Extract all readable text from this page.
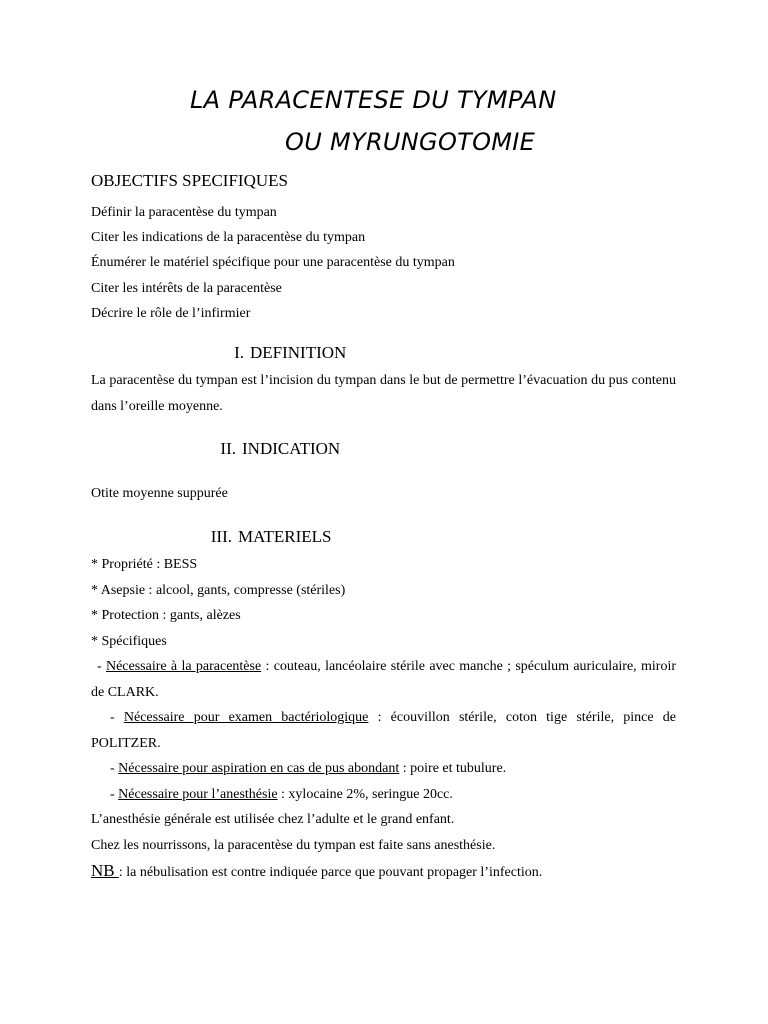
LA PARACENTESE DU TYMPAN
OU MYRUNGOTOMIE
OBJECTIFS SPECIFIQUES
Définir la paracentèse du tympan
Citer les indications de la paracentèse du tympan
Énumérer le matériel spécifique pour une paracentèse du tympan
Citer les intérêts de la paracentèse
Décrire le rôle de l’infirmier
I. DEFINITION
La paracentèse du tympan est l’incision du tympan dans le but de permettre l’évacuation du pus contenu dans l’oreille moyenne.
II. INDICATION
Otite moyenne suppurée
III. MATERIELS
* Propriété : BESS
* Asepsie : alcool, gants, compresse (stériles)
* Protection : gants, alèzes
* Spécifiques
- Nécessaire à la paracentèse : couteau, lancéolaire stérile avec manche ; spéculum auriculaire, miroir de CLARK.
- Nécessaire pour examen bactériologique : écouvillon stérile, coton tige stérile, pince de POLITZER.
- Nécessaire pour aspiration en cas de pus abondant : poire et tubulure.
- Nécessaire pour l’anesthésie : xylocaine 2%, seringue 20cc.
L’anesthésie générale est utilisée chez l’adulte et le grand enfant.
Chez les nourrissons, la paracentèse du tympan est faite sans anesthésie.
NB : la nébulisation est contre indiquée parce que pouvant propager l’infection.
